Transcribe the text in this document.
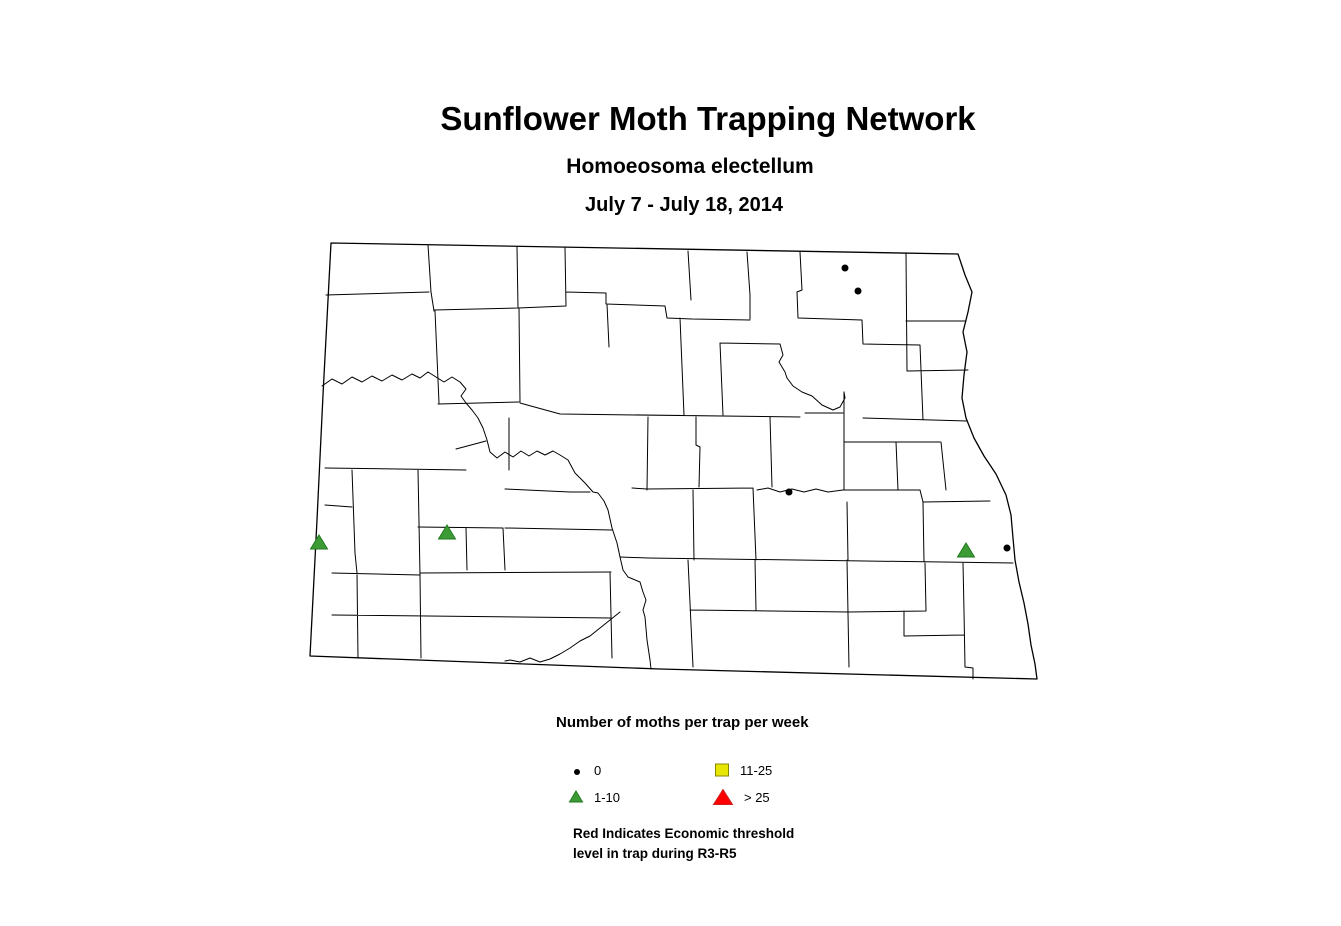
Sunflower Moth Trapping Network
Homoeosoma electellum
July 7 - July 18, 2014
Number of moths per trap per week
0
1-10
11-25
> 25
Red Indicates Economic threshold
level in trap during R3-R5
